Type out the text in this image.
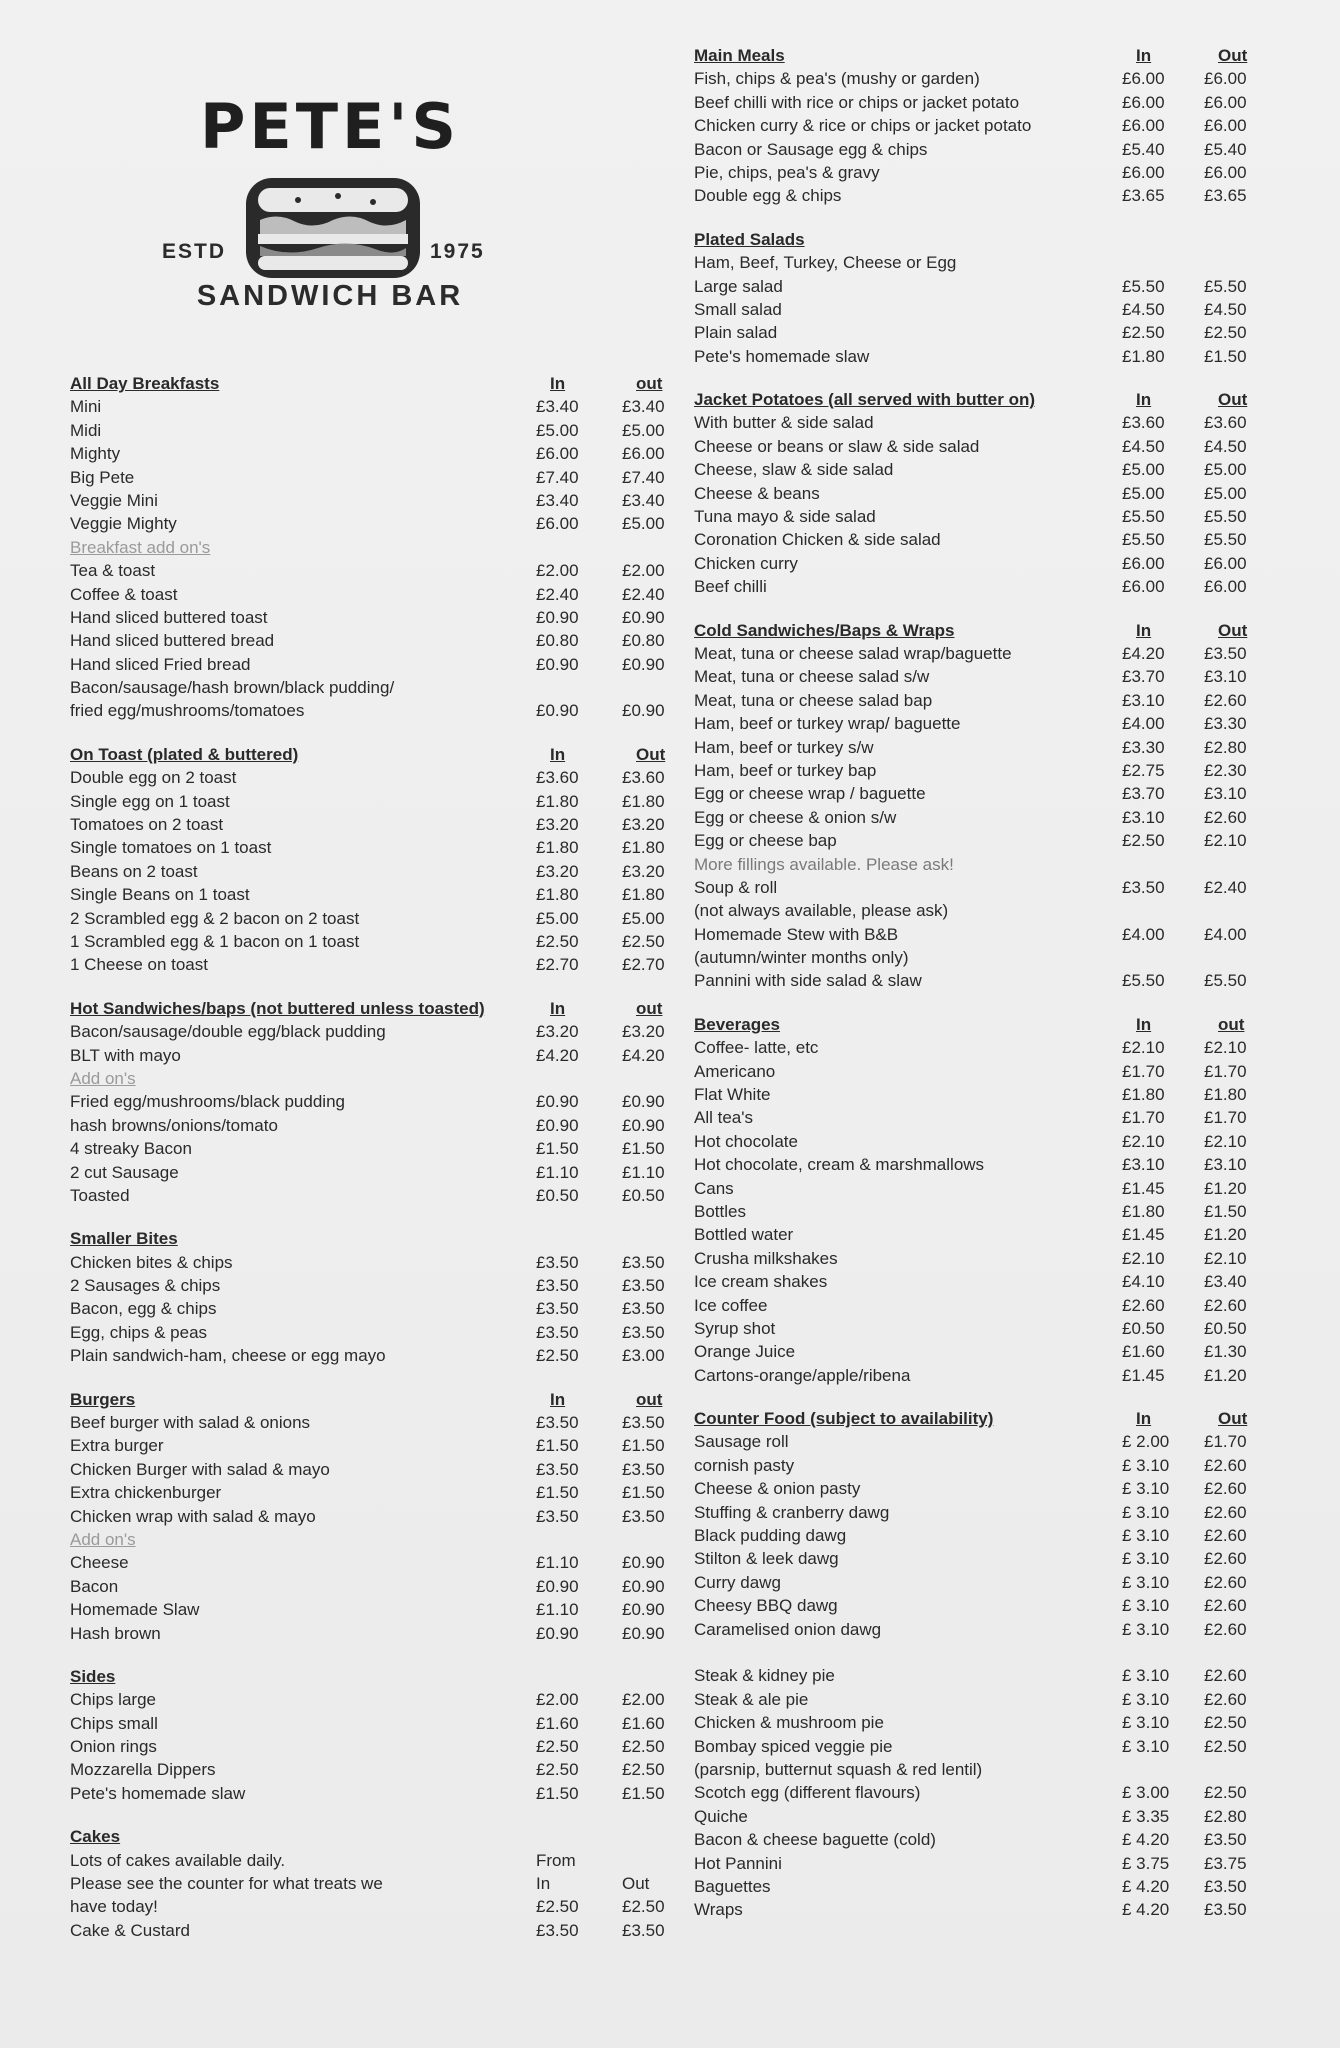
PETE'S
ESTD	1975
SANDWICH BAR
All Day Breakfasts	In	out
Mini	£3.40	£3.40
Midi	£5.00	£5.00
Mighty	£6.00	£6.00
Big Pete	£7.40	£7.40
Veggie Mini	£3.40	£3.40
Veggie Mighty	£6.00	£5.00
Breakfast add on's
Tea & toast	£2.00	£2.00
Coffee & toast	£2.40	£2.40
Hand sliced buttered toast	£0.90	£0.90
Hand sliced buttered bread	£0.80	£0.80
Hand sliced Fried bread	£0.90	£0.90
Bacon/sausage/hash brown/black pudding/
fried egg/mushrooms/tomatoes	£0.90	£0.90
On Toast (plated & buttered)	In	Out
Double egg on 2 toast	£3.60	£3.60
Single egg on 1 toast	£1.80	£1.80
Tomatoes on 2 toast	£3.20	£3.20
Single tomatoes on 1 toast	£1.80	£1.80
Beans on 2 toast	£3.20	£3.20
Single Beans on 1 toast	£1.80	£1.80
2 Scrambled egg & 2 bacon on 2 toast	£5.00	£5.00
1 Scrambled egg & 1 bacon on 1 toast	£2.50	£2.50
1 Cheese on toast	£2.70	£2.70
Hot Sandwiches/baps (not buttered unless toasted)	In	out
Bacon/sausage/double egg/black pudding	£3.20	£3.20
BLT with mayo	£4.20	£4.20
Add on's
Fried egg/mushrooms/black pudding	£0.90	£0.90
hash browns/onions/tomato	£0.90	£0.90
4 streaky Bacon	£1.50	£1.50
2 cut Sausage	£1.10	£1.10
Toasted	£0.50	£0.50
Smaller Bites
Chicken bites & chips	£3.50	£3.50
2 Sausages & chips	£3.50	£3.50
Bacon, egg & chips	£3.50	£3.50
Egg, chips & peas	£3.50	£3.50
Plain sandwich-ham, cheese or egg mayo	£2.50	£3.00
Burgers	In	out
Beef burger with salad & onions	£3.50	£3.50
Extra burger	£1.50	£1.50
Chicken Burger with salad & mayo	£3.50	£3.50
Extra chickenburger	£1.50	£1.50
Chicken wrap with salad & mayo	£3.50	£3.50
Add on's
Cheese	£1.10	£0.90
Bacon	£0.90	£0.90
Homemade Slaw	£1.10	£0.90
Hash brown	£0.90	£0.90
Sides
Chips large	£2.00	£2.00
Chips small	£1.60	£1.60
Onion rings	£2.50	£2.50
Mozzarella Dippers	£2.50	£2.50
Pete's homemade slaw	£1.50	£1.50
Cakes
Lots of cakes available daily.	From
Please see the counter for what treats we	In	Out
have today!	£2.50	£2.50
Cake & Custard	£3.50	£3.50
Main Meals	In	Out
Fish, chips & pea's (mushy or garden)	£6.00 £6.00
Beef chilli with rice or chips or jacket potato	£6.00 £6.00
Chicken curry & rice or chips or jacket potato	£6.00 £6.00
Bacon or Sausage egg & chips	£5.40 £5.40
Pie, chips, pea's & gravy	£6.00 £6.00
Double egg & chips	£3.65 £3.65
Plated Salads
Ham, Beef, Turkey, Cheese or Egg
Large salad	£5.50 £5.50
Small salad	£4.50 £4.50
Plain salad	£2.50 £2.50
Pete's homemade slaw	£1.80 £1.50
Jacket Potatoes (all served with butter on)	In	Out
With butter & side salad	£3.60 £3.60
Cheese or beans or slaw & side salad	£4.50 £4.50
Cheese, slaw & side salad	£5.00 £5.00
Cheese & beans	£5.00 £5.00
Tuna mayo & side salad	£5.50 £5.50
Coronation Chicken & side salad	£5.50 £5.50
Chicken curry	£6.00 £6.00
Beef chilli	£6.00 £6.00
Cold Sandwiches/Baps & Wraps	In	Out
Meat, tuna or cheese salad wrap/baguette	£4.20 £3.50
Meat, tuna or cheese salad s/w	£3.70 £3.10
Meat, tuna or cheese salad bap	£3.10 £2.60
Ham, beef or turkey wrap/ baguette	£4.00 £3.30
Ham, beef or turkey s/w	£3.30 £2.80
Ham, beef or turkey bap	£2.75 £2.30
Egg or cheese wrap / baguette	£3.70 £3.10
Egg or cheese & onion s/w	£3.10 £2.60
Egg or cheese bap	£2.50 £2.10
More fillings available. Please ask!
Soup & roll	£3.50 £2.40
(not always available, please ask)
Homemade Stew with B&B	£4.00 £4.00
(autumn/winter months only)
Pannini with side salad & slaw	£5.50 £5.50
Beverages	In	out
Coffee- latte, etc	£2.10 £2.10
Americano	£1.70 £1.70
Flat White	£1.80 £1.80
All tea's	£1.70 £1.70
Hot chocolate	£2.10 £2.10
Hot chocolate, cream & marshmallows	£3.10 £3.10
Cans	£1.45 £1.20
Bottles	£1.80 £1.50
Bottled water	£1.45 £1.20
Crusha milkshakes	£2.10 £2.10
Ice cream shakes	£4.10 £3.40
Ice coffee	£2.60 £2.60
Syrup shot	£0.50 £0.50
Orange Juice	£1.60 £1.30
Cartons-orange/apple/ribena	£1.45 £1.20
Counter Food (subject to availability)	In	Out
Sausage roll	£ 2.00 £1.70
cornish pasty	£ 3.10 £2.60
Cheese & onion pasty	£ 3.10 £2.60
Stuffing & cranberry dawg	£ 3.10 £2.60
Black pudding dawg	£ 3.10 £2.60
Stilton & leek dawg	£ 3.10 £2.60
Curry dawg	£ 3.10 £2.60
Cheesy BBQ dawg	£ 3.10 £2.60
Caramelised onion dawg	£ 3.10 £2.60
Steak & kidney pie	£ 3.10 £2.60
Steak & ale pie	£ 3.10 £2.60
Chicken & mushroom pie	£ 3.10 £2.50
Bombay spiced veggie pie	£ 3.10 £2.50
(parsnip, butternut squash & red lentil)
Scotch egg (different flavours)	£ 3.00 £2.50
Quiche	£ 3.35 £2.80
Bacon & cheese baguette (cold)	£ 4.20 £3.50
Hot Pannini	£ 3.75 £3.75
Baguettes	£ 4.20 £3.50
Wraps	£ 4.20 £3.50
